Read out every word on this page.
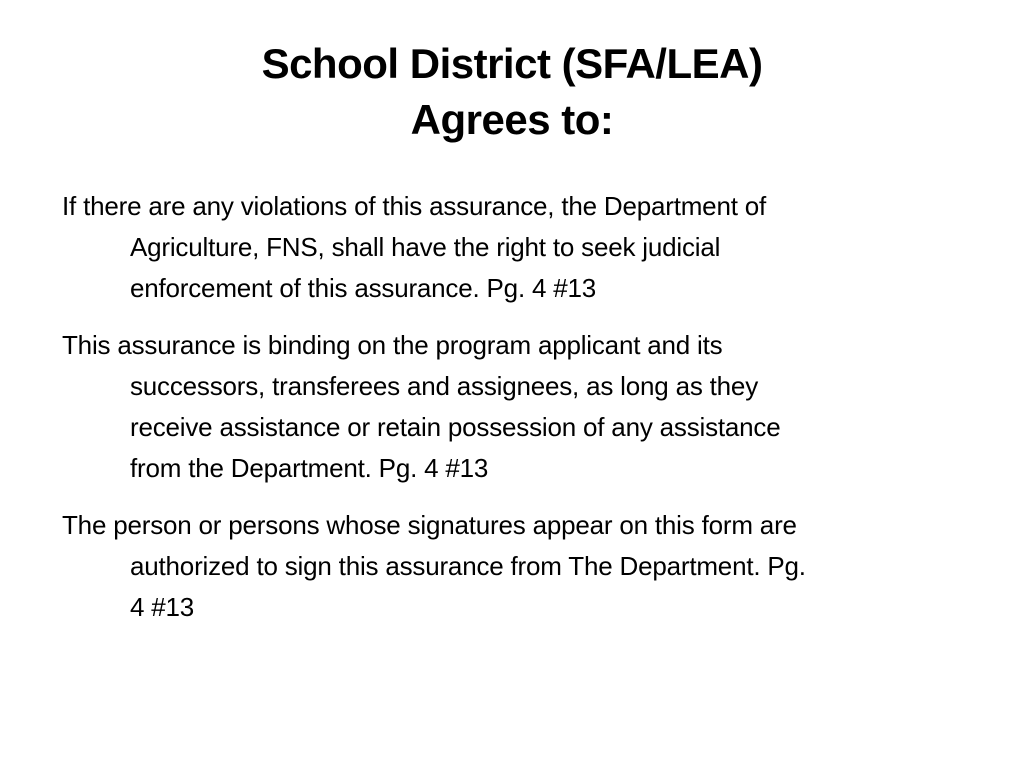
School District (SFA/LEA)
Agrees to:

If there are any violations of this assurance, the Department of
Agriculture, FNS, shall have the right to seek judicial
enforcement of this assurance. Pg. 4 #13

This assurance is binding on the program applicant and its
successors, transferees and assignees, as long as they
receive assistance or retain possession of any assistance
from the Department. Pg. 4 #13

The person or persons whose signatures appear on this form are
authorized to sign this assurance from The Department. Pg.
4 #13
